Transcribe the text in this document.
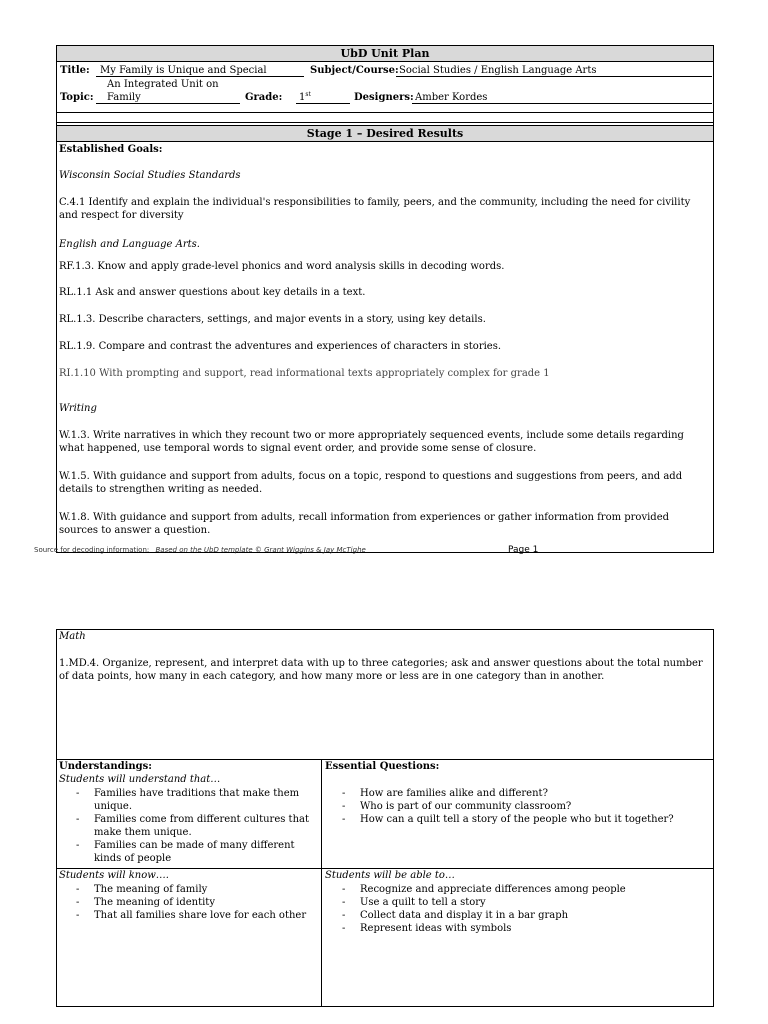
UbD Unit Plan
Title: My Family is Unique and Special	Subject/Course: Social Studies / English Language Arts
An Integrated Unit on
Topic: Family	Grade: 1st	Designers: Amber Kordes
Stage 1 – Desired Results
Established Goals:
Wisconsin Social Studies Standards
C.4.1 Identify and explain the individual's responsibilities to family, peers, and the community, including the need for civility and respect for diversity
English and Language Arts.
RF.1.3. Know and apply grade-level phonics and word analysis skills in decoding words.
RL.1.1 Ask and answer questions about key details in a text.
RL.1.3. Describe characters, settings, and major events in a story, using key details.
RL.1.9. Compare and contrast the adventures and experiences of characters in stories.
RI.1.10 With prompting and support, read informational texts appropriately complex for grade 1
Writing
W.1.3. Write narratives in which they recount two or more appropriately sequenced events, include some details regarding what happened, use temporal words to signal event order, and provide some sense of closure.
W.1.5. With guidance and support from adults, focus on a topic, respond to questions and suggestions from peers, and add details to strengthen writing as needed.
W.1.8. With guidance and support from adults, recall information from experiences or gather information from provided sources to answer a question.
Source for decoding information: Based on the UbD template © Grant Wiggins & Jay McTighe	Page 1
Math
1.MD.4. Organize, represent, and interpret data with up to three categories; ask and answer questions about the total number of data points, how many in each category, and how many more or less are in one category than in another.
Understandings:
Students will understand that…
- Families have traditions that make them unique.
- Families come from different cultures that make them unique.
- Families can be made of many different kinds of people
Essential Questions:
- How are families alike and different?
- Who is part of our community classroom?
- How can a quilt tell a story of the people who but it together?
Students will know….
- The meaning of family
- The meaning of identity
- That all families share love for each other
Students will be able to…
- Recognize and appreciate differences among people
- Use a quilt to tell a story
- Collect data and display it in a bar graph
- Represent ideas with symbols
